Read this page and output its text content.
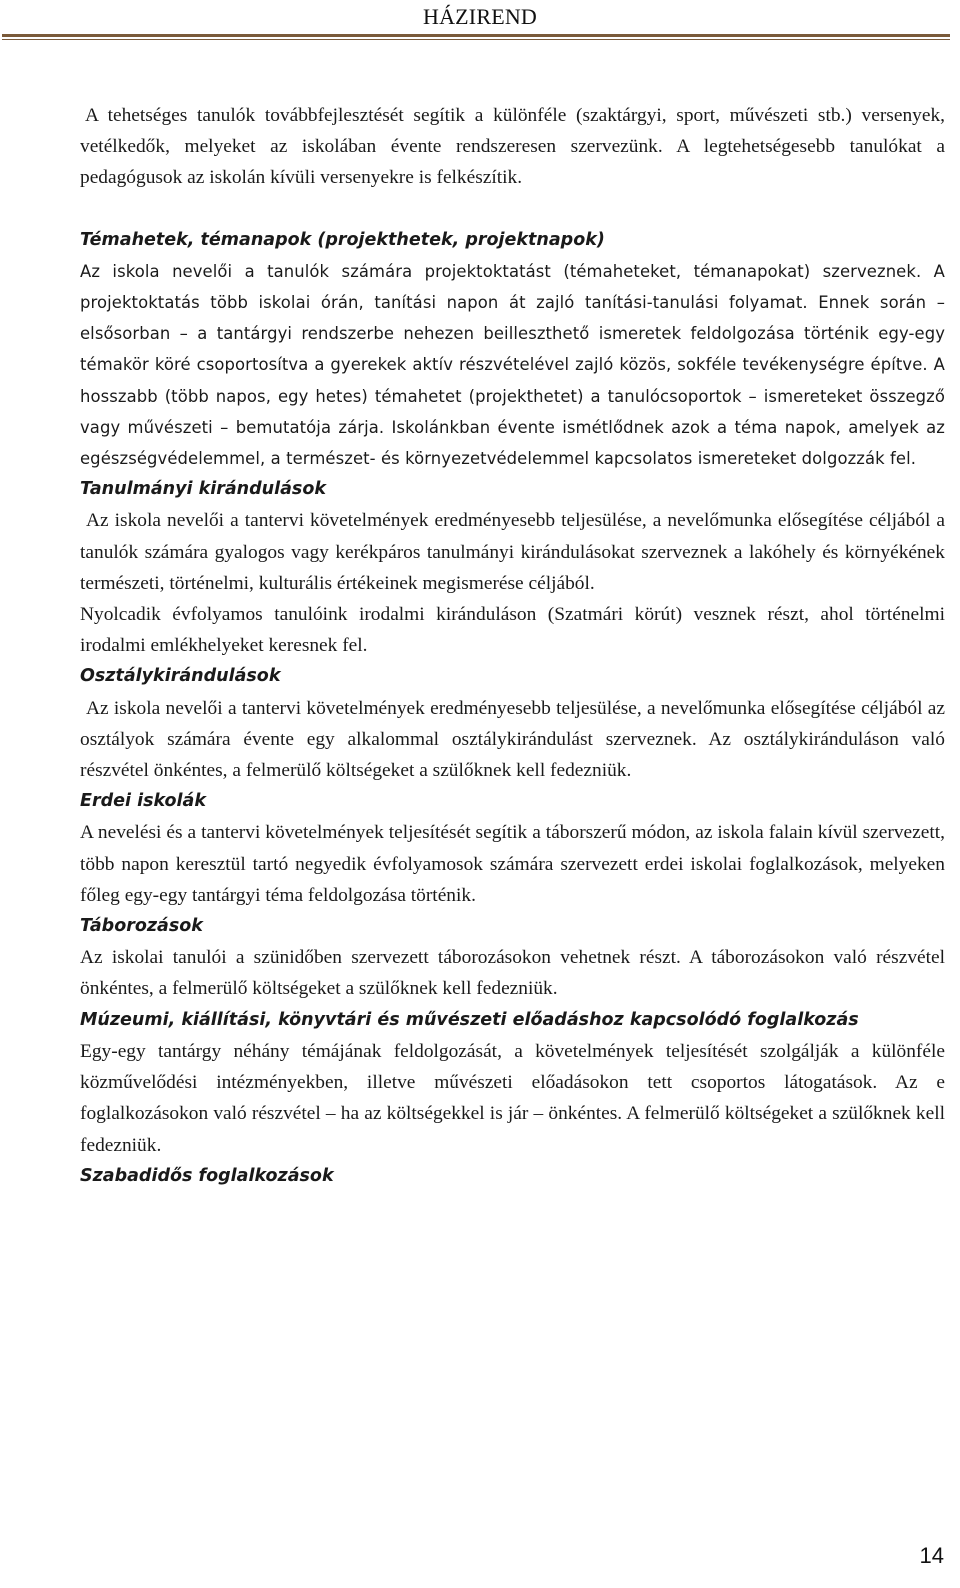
HÁZIREND

A tehetséges tanulók továbbfejlesztését segítik a különféle (szaktárgyi, sport, művészeti stb.) versenyek, vetélkedők, melyeket az iskolában évente rendszeresen szervezünk. A legtehetségesebb tanulókat a pedagógusok az iskolán kívüli versenyekre is felkészítik.

Témahetek, témanapok (projekthetek, projektnapok)

Az iskola nevelői a tanulók számára projektoktatást (témaheteket, témanapokat) szerveznek. A projektoktatás több iskolai órán, tanítási napon át zajló tanítási-tanulási folyamat. Ennek során – elsősorban – a tantárgyi rendszerbe nehezen beilleszthető ismeretek feldolgozása történik egy-egy témakör köré csoportosítva a gyerekek aktív részvételével zajló közös, sokféle tevékenységre építve. A hosszabb (több napos, egy hetes) témahetet (projekthetet) a tanulócsoportok – ismereteket összegző vagy művészeti – bemutatója zárja. Iskolánkban évente ismétlődnek azok a téma napok, amelyek az egészségvédelemmel, a természet- és környezetvédelemmel kapcsolatos ismereteket dolgozzák fel.

Tanulmányi kirándulások

Az iskola nevelői a tantervi követelmények eredményesebb teljesülése, a nevelőmunka elősegítése céljából a tanulók számára gyalogos vagy kerékpáros tanulmányi kirándulásokat szerveznek a lakóhely és környékének természeti, történelmi, kulturális értékeinek megismerése céljából.

Nyolcadik évfolyamos tanulóink irodalmi kiránduláson (Szatmári körút) vesznek részt, ahol történelmi irodalmi emlékhelyeket keresnek fel.

Osztálykirándulások

Az iskola nevelői a tantervi követelmények eredményesebb teljesülése, a nevelőmunka elősegítése céljából az osztályok számára évente egy alkalommal osztálykirándulást szerveznek. Az osztálykiránduláson való részvétel önkéntes, a felmerülő költségeket a szülőknek kell fedezniük.

Erdei iskolák

A nevelési és a tantervi követelmények teljesítését segítik a táborszerű módon, az iskola falain kívül szervezett, több napon keresztül tartó negyedik évfolyamosok számára szervezett erdei iskolai foglalkozások, melyeken főleg egy-egy tantárgyi téma feldolgozása történik.

Táborozások

Az iskolai tanulói a szünidőben szervezett táborozásokon vehetnek részt. A táborozásokon való részvétel önkéntes, a felmerülő költségeket a szülőknek kell fedezniük.

Múzeumi, kiállítási, könyvtári és művészeti előadáshoz kapcsolódó foglalkozás

Egy-egy tantárgy néhány témájának feldolgozását, a követelmények teljesítését szolgálják a különféle közművelődési intézményekben, illetve művészeti előadásokon tett csoportos látogatások. Az e foglalkozásokon való részvétel – ha az költségekkel is jár – önkéntes. A felmerülő költségeket a szülőknek kell fedezniük.

Szabadidős foglalkozások
14
